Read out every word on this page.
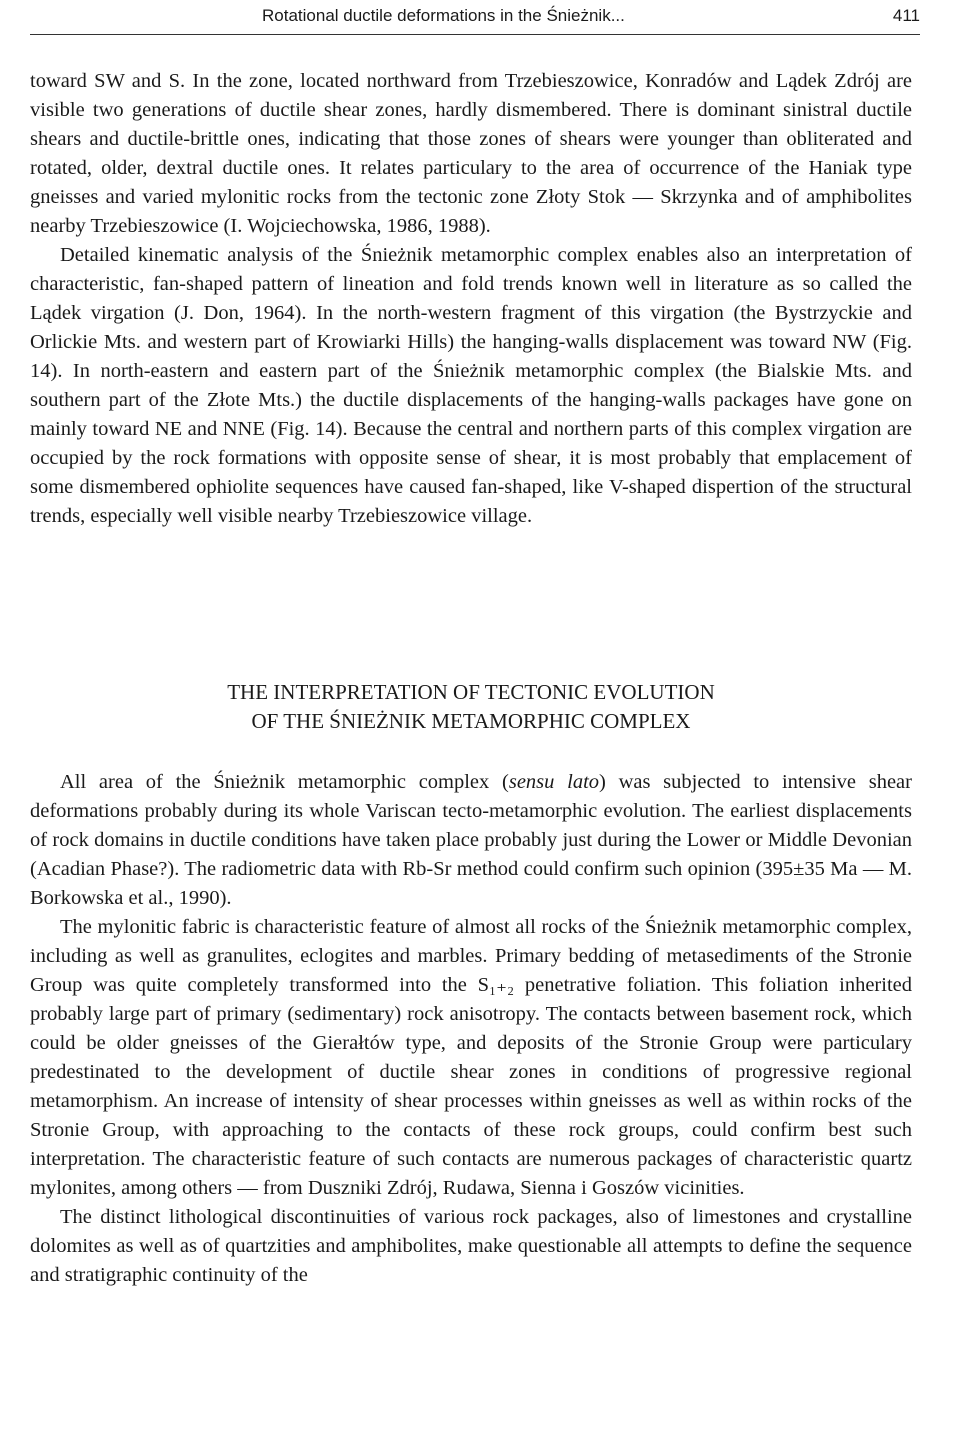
Rotational ductile deformations in the Śnieżnik...	411

toward SW and S. In the zone, located northward from Trzebieszowice, Konradów and Lądek Zdrój are visible two generations of ductile shear zones, hardly dismembered. There is dominant sinistral ductile shears and ductile-brittle ones, indicating that those zones of shears were younger than obliterated and rotated, older, dextral ductile ones. It relates particulary to the area of occurrence of the Haniak type gneisses and varied mylonitic rocks from the tectonic zone Złoty Stok — Skrzynka and of amphibolites nearby Trzebieszowice (I. Wojciechowska, 1986, 1988).

Detailed kinematic analysis of the Śnieżnik metamorphic complex enables also an interpretation of characteristic, fan-shaped pattern of lineation and fold trends known well in literature as so called the Lądek virgation (J. Don, 1964). In the north-western fragment of this virgation (the Bystrzyckie and Orlickie Mts. and western part of Krowiarki Hills) the hanging-walls displacement was toward NW (Fig. 14). In north-eastern and eastern part of the Śnieżnik metamorphic complex (the Bialskie Mts. and southern part of the Złote Mts.) the ductile displacements of the hanging-walls packages have gone on mainly toward NE and NNE (Fig. 14). Because the central and northern parts of this complex virgation are occupied by the rock formations with opposite sense of shear, it is most probably that emplacement of some dismembered ophiolite sequences have caused fan-shaped, like V-shaped dispertion of the structural trends, especially well visible nearby Trzebieszowice village.

THE INTERPRETATION OF TECTONIC EVOLUTION
OF THE ŚNIEŻNIK METAMORPHIC COMPLEX

All area of the Śnieżnik metamorphic complex (sensu lato) was subjected to intensive shear deformations probably during its whole Variscan tecto-metamorphic evolution. The earliest displacements of rock domains in ductile conditions have taken place probably just during the Lower or Middle Devonian (Acadian Phase?). The radiometric data with Rb-Sr method could confirm such opinion (395±35 Ma — M. Borkowska et al., 1990).

The mylonitic fabric is characteristic feature of almost all rocks of the Śnieżnik metamorphic complex, including as well as granulites, eclogites and marbles. Primary bedding of metasediments of the Stronie Group was quite completely transformed into the S₁₊₂ penetrative foliation. This foliation inherited probably large part of primary (sedimentary) rock anisotropy. The contacts between basement rock, which could be older gneisses of the Gierałtów type, and deposits of the Stronie Group were particulary predestinated to the development of ductile shear zones in conditions of progressive regional metamorphism. An increase of intensity of shear processes within gneisses as well as within rocks of the Stronie Group, with approaching to the contacts of these rock groups, could confirm best such interpretation. The characteristic feature of such contacts are numerous packages of characteristic quartz mylonites, among others — from Duszniki Zdrój, Rudawa, Sienna i Goszów vicinities.

The distinct lithological discontinuities of various rock packages, also of limestones and crystalline dolomites as well as of quartzities and amphibolites, make questionable all attempts to define the sequence and stratigraphic continuity of the
